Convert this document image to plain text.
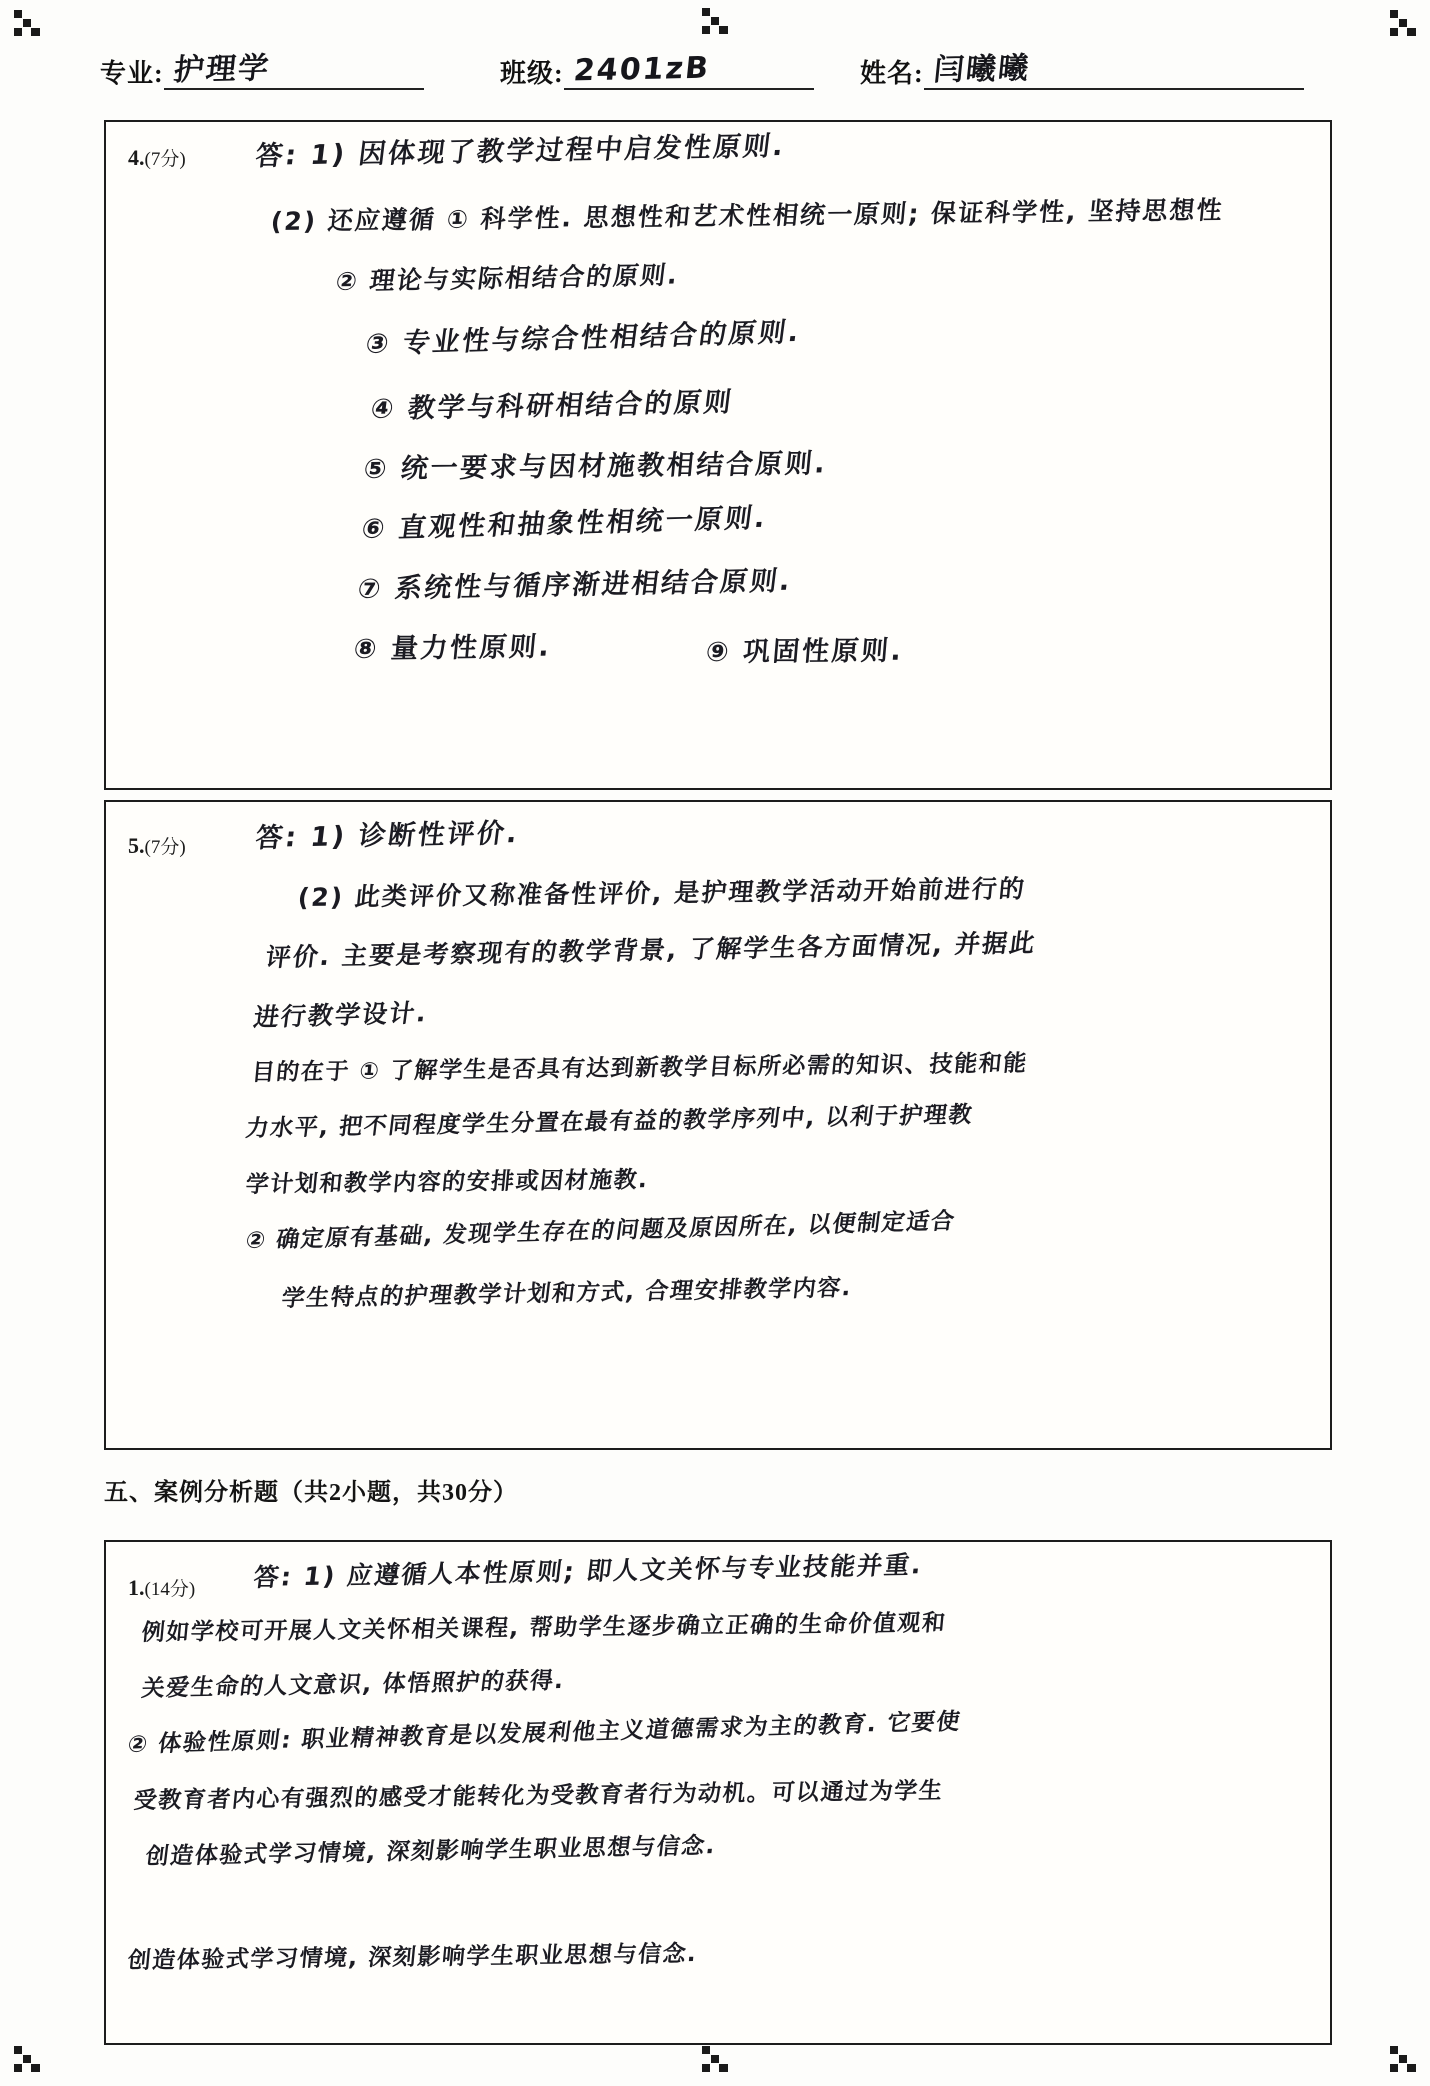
专业: 护理学	班级: 2401zB	姓名: 闫曦曦
4.(7分)	答: 1) 因体现了教学过程中启发性原则.
(2) 还应遵循 ① 科学性. 思想性和艺术性相统一原则; 保证科学性, 坚持思想性
② 理论与实际相结合的原则.
③ 专业性与综合性相结合的原则.
④ 教学与科研相结合的原则
⑤ 统一要求与因材施教相结合原则.
⑥ 直观性和抽象性相统一原则.
⑦ 系统性与循序渐进相结合原则.
⑧ 量力性原则.	⑨ 巩固性原则.
5.(7分)	答: 1) 诊断性评价.
(2) 此类评价又称准备性评价, 是护理教学活动开始前进行的
评价. 主要是考察现有的教学背景, 了解学生各方面情况, 并据此
进行教学设计.
目的在于 ① 了解学生是否具有达到新教学目标所必需的知识、技能和能
力水平, 把不同程度学生分置在最有益的教学序列中, 以利于护理教
学计划和教学内容的安排或因材施教.
② 确定原有基础, 发现学生存在的问题及原因所在, 以便制定适合
学生特点的护理教学计划和方式, 合理安排教学内容.
五、案例分析题（共2小题，共30分）
1.(14分) 答: 1) 应遵循人本性原则; 即人文关怀与专业技能并重.
例如学校可开展人文关怀相关课程, 帮助学生逐步确立正确的生命价值观和
关爱生命的人文意识, 体悟照护的获得.
② 体验性原则: 职业精神教育是以发展利他主义道德需求为主的教育. 它要使
受教育者内心有强烈的感受才能转化为受教育者行为动机。可以通过为学生
创造体验式学习情境, 深刻影响学生职业思想与信念.
创造体验式学习情境, 深刻影响学生职业思想与信念.
